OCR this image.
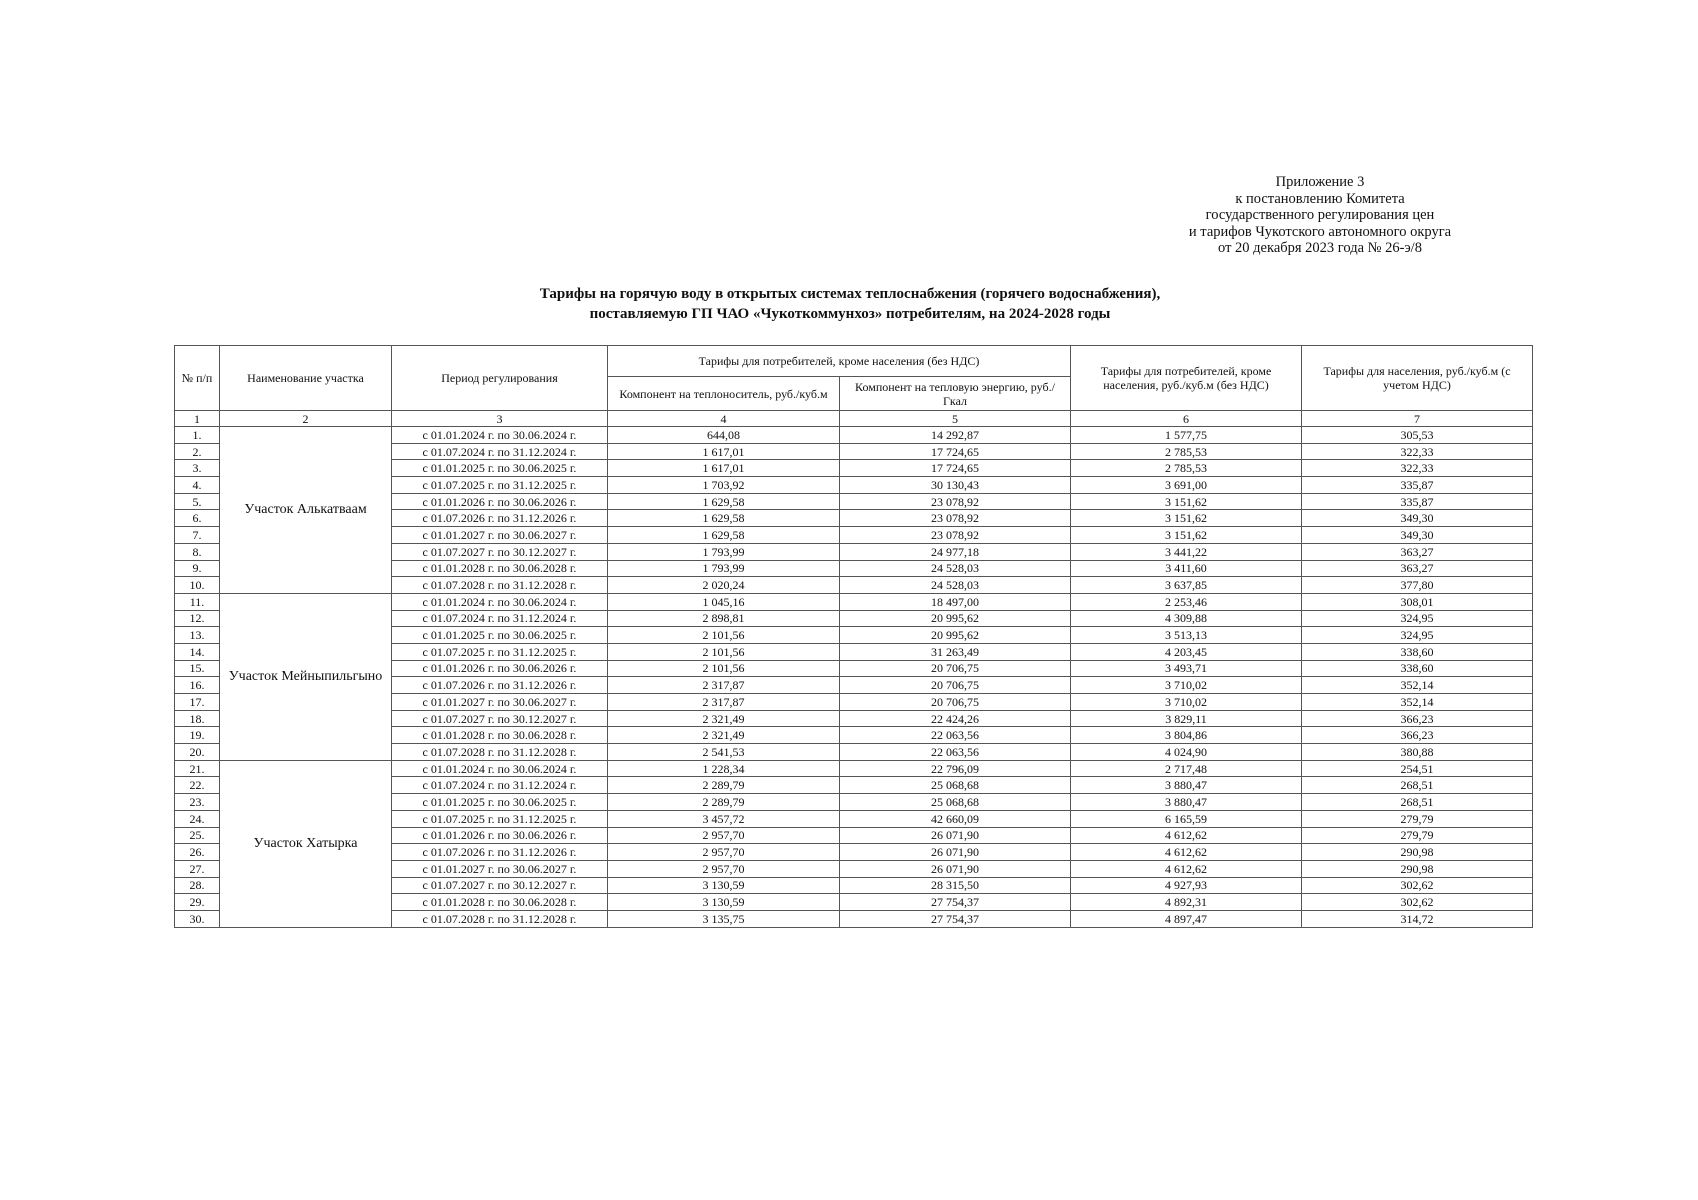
Приложение 3
к постановлению Комитета
государственного регулирования цен
и тарифов Чукотского автономного округа
от 20 декабря 2023 года № 26-э/8
Тарифы на горячую воду в открытых системах теплоснабжения (горячего водоснабжения),
поставляемую ГП ЧАО «Чукоткоммунхоз» потребителям, на 2024-2028 годы
№ п/п	Наименование участка	Период регулирования	Тарифы для потребителей, кроме населения (без НДС)		Тарифы для потребителей, кроме населения, руб./куб.м (без НДС)	Тарифы для населения, руб./куб.м (с учетом НДС)
			Компонент на теплоноситель, руб./куб.м	Компонент на тепловую энергию, руб./Гкал		
1	2	3	4	5	6	7
1.	Участок Алькатваам	с 01.01.2024 г. по 30.06.2024 г.	644,08	14 292,87	1 577,75	305,53
2.		с 01.07.2024 г. по 31.12.2024 г.	1 617,01	17 724,65	2 785,53	322,33
3.		с 01.01.2025 г. по 30.06.2025 г.	1 617,01	17 724,65	2 785,53	322,33
4.		с 01.07.2025 г. по 31.12.2025 г.	1 703,92	30 130,43	3 691,00	335,87
5.		с 01.01.2026 г. по 30.06.2026 г.	1 629,58	23 078,92	3 151,62	335,87
6.		с 01.07.2026 г. по 31.12.2026 г.	1 629,58	23 078,92	3 151,62	349,30
7.		с 01.01.2027 г. по 30.06.2027 г.	1 629,58	23 078,92	3 151,62	349,30
8.		с 01.07.2027 г. по 30.12.2027 г.	1 793,99	24 977,18	3 441,22	363,27
9.		с 01.01.2028 г. по 30.06.2028 г.	1 793,99	24 528,03	3 411,60	363,27
10.		с 01.07.2028 г. по 31.12.2028 г.	2 020,24	24 528,03	3 637,85	377,80
11.	Участок Мейныпильгыно	с 01.01.2024 г. по 30.06.2024 г.	1 045,16	18 497,00	2 253,46	308,01
12.		с 01.07.2024 г. по 31.12.2024 г.	2 898,81	20 995,62	4 309,88	324,95
13.		с 01.01.2025 г. по 30.06.2025 г.	2 101,56	20 995,62	3 513,13	324,95
14.		с 01.07.2025 г. по 31.12.2025 г.	2 101,56	31 263,49	4 203,45	338,60
15.		с 01.01.2026 г. по 30.06.2026 г.	2 101,56	20 706,75	3 493,71	338,60
16.		с 01.07.2026 г. по 31.12.2026 г.	2 317,87	20 706,75	3 710,02	352,14
17.		с 01.01.2027 г. по 30.06.2027 г.	2 317,87	20 706,75	3 710,02	352,14
18.		с 01.07.2027 г. по 30.12.2027 г.	2 321,49	22 424,26	3 829,11	366,23
19.		с 01.01.2028 г. по 30.06.2028 г.	2 321,49	22 063,56	3 804,86	366,23
20.		с 01.07.2028 г. по 31.12.2028 г.	2 541,53	22 063,56	4 024,90	380,88
21.	Участок Хатырка	с 01.01.2024 г. по 30.06.2024 г.	1 228,34	22 796,09	2 717,48	254,51
22.		с 01.07.2024 г. по 31.12.2024 г.	2 289,79	25 068,68	3 880,47	268,51
23.		с 01.01.2025 г. по 30.06.2025 г.	2 289,79	25 068,68	3 880,47	268,51
24.		с 01.07.2025 г. по 31.12.2025 г.	3 457,72	42 660,09	6 165,59	279,79
25.		с 01.01.2026 г. по 30.06.2026 г.	2 957,70	26 071,90	4 612,62	279,79
26.		с 01.07.2026 г. по 31.12.2026 г.	2 957,70	26 071,90	4 612,62	290,98
27.		с 01.01.2027 г. по 30.06.2027 г.	2 957,70	26 071,90	4 612,62	290,98
28.		с 01.07.2027 г. по 30.12.2027 г.	3 130,59	28 315,50	4 927,93	302,62
29.		с 01.01.2028 г. по 30.06.2028 г.	3 130,59	27 754,37	4 892,31	302,62
30.		с 01.07.2028 г. по 31.12.2028 г.	3 135,75	27 754,37	4 897,47	314,72
